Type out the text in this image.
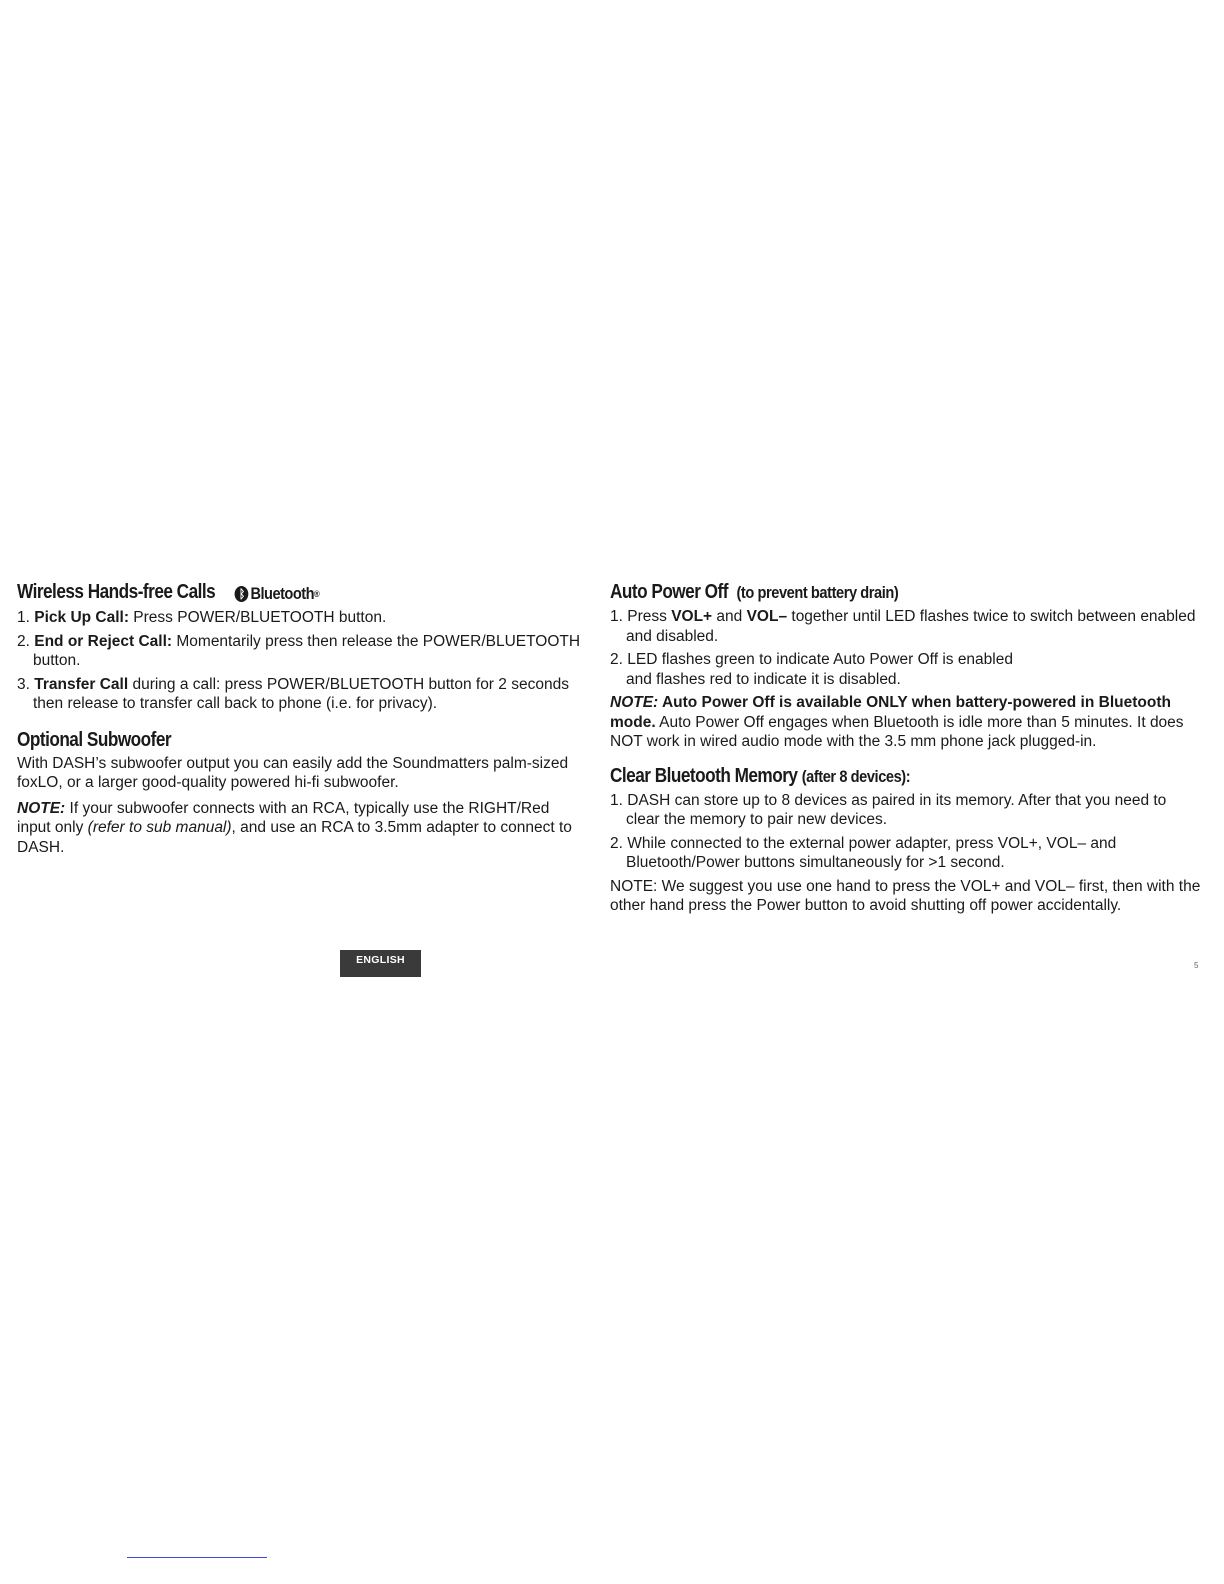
Wireless Hands-free Calls	ᛒ Bluetooth ®
1. Pick Up Call: Press POWER/BLUETOOTH button.
2. End or Reject Call: Momentarily press then release the POWER/BLUETOOTH button.
3. Transfer Call during a call: press POWER/BLUETOOTH button for 2 seconds then release to transfer call back to phone (i.e. for privacy).
Optional Subwoofer

With DASH’s subwoofer output you can easily add the Soundmatters palm-sized foxLO, or a larger good-quality powered hi-fi subwoofer.

NOTE: If your subwoofer connects with an RCA, typically use the RIGHT/Red input only (refer to sub manual), and use an RCA to 3.5mm adapter to connect to DASH.

Auto Power Off (to prevent battery drain)
1. Press VOL+ and VOL– together until LED flashes twice to switch between enabled and disabled.
2. LED flashes green to indicate Auto Power Off is enabled
and flashes red to indicate it is disabled.

NOTE: Auto Power Off is available ONLY when battery-powered in Bluetooth mode. Auto Power Off engages when Bluetooth is idle more than 5 minutes. It does NOT work in wired audio mode with the 3.5 mm phone jack plugged-in.

Clear Bluetooth Memory (after 8 devices):
1. DASH can store up to 8 devices as paired in its memory. After that you need to clear the memory to pair new devices.
2. While connected to the external power adapter, press VOL+, VOL– and Bluetooth/Power buttons simultaneously for >1 second.

NOTE: We suggest you use one hand to press the VOL+ and VOL– first, then with the other hand press the Power button to avoid shutting off power accidentally.

ENGLISH	5
